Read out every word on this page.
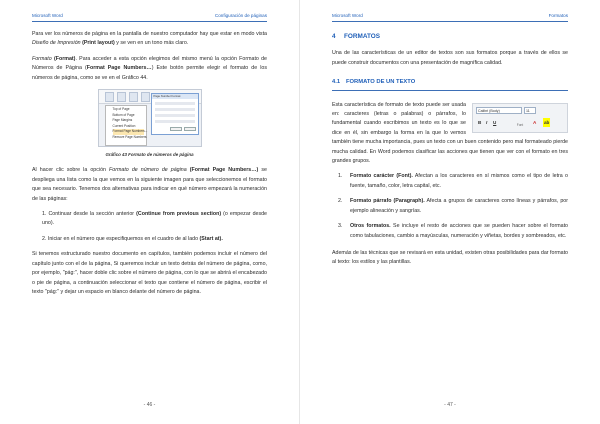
Microsoft Word	Configuración de páginas

Para ver los números de página en la pantalla de nuestro computador hay que estar en modo vista Diseño de Impresión (Print layout) y se ven en un tono más claro.

Formato (Format). Para acceder a esta opción elegimos del mismo menú la opción Formato de Números de Página (Format Page Numbers…) Este botón permite elegir el formato de los números de página, como se ve en el Gráfico 44.

Top of Page
Bottom of Page
Page Margins
Current Position
Format Page Numbers...
Remove Page Numbers
Page Number Format
Gráfico 43 Formato de números de página

Al hacer clic sobre la opción Formato de número de página (Format Page Numbers…) se despliega una lista como la que vemos en la siguiente imagen para que seleccionemos el formato que sea necesario. Tenemos dos alternativas para indicar en qué número empezará la numeración de las páginas:

1. Continuar desde la sección anterior (Continue from previous section) (o empezar desde uno).

2. Iniciar en el número que especifiquemos en el cuadro de al lado (Start at).

Si tenemos estructurado nuestro documento en capítulos, también podemos incluir el número del capítulo junto con el de la página, Si queremos incluir un texto detrás del número de página, como, por ejemplo, "pág:", hacer doble clic sobre el número de página, con lo que se abrirá el encabezado o pie de página, a continuación seleccionar el texto que contiene el número de página, escribir el texto "pág:" y dejar un espacio en blanco delante del número de página.

- 46 -
Microsoft Word	Formatos
4 FORMATOS

Una de las características de un editor de textos son sus formatos porque a través de ellos se puede construir documentos con una presentación de magnífica calidad.

4.1 FORMATO DE UN TEXTO
Calibri (Body)	11
B I U	A ab
Font

Esta característica de formato de texto puede ser usada en: caracteres (letras o palabras) o párrafos, lo fundamental cuando escribimos un texto es lo que se dice en él, sin embargo la forma en la que lo vemos también tiene mucha importancia, pues un texto con un buen contenido pero mal formateado pierde mucha calidad. En Word podemos clasificar las acciones que tienen que ver con el formato en tres grandes grupos.

1. Formato carácter (Font). Afectan a los caracteres en sí mismos como el tipo de letra o fuente, tamaño, color, letra capital, etc.
2. Formato párrafo (Paragraph). Afecta a grupos de caracteres como líneas y párrafos, por ejemplo alineación y sangrías.
3. Otros formatos. Se incluye el resto de acciones que se pueden hacer sobre el formato como tabulaciones, cambio a mayúsculas, numeración y viñetas, bordes y sombreados, etc.

Además de las técnicas que se revisará en esta unidad, existen otras posibilidades para dar formato al texto: los estilos y las plantillas.

- 47 -
